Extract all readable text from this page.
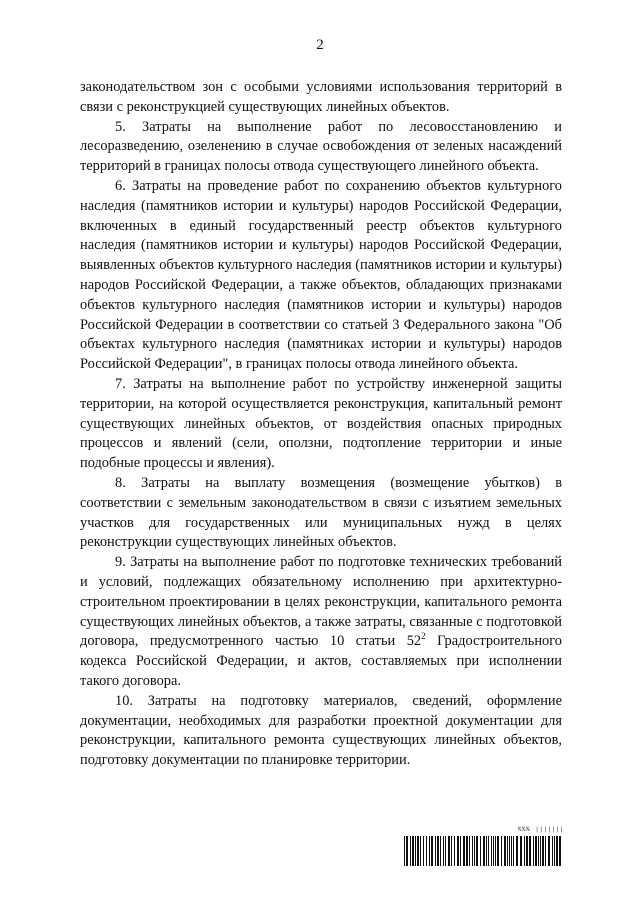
2

законодательством зон с особыми условиями использования территорий в связи с реконструкцией существующих линейных объектов.

5. Затраты на выполнение работ по лесовосстановлению и лесоразведению, озеленению в случае освобождения от зеленых насаждений территорий в границах полосы отвода существующего линейного объекта.

6. Затраты на проведение работ по сохранению объектов культурного наследия (памятников истории и культуры) народов Российской Федерации, включенных в единый государственный реестр объектов культурного наследия (памятников истории и культуры) народов Российской Федерации, выявленных объектов культурного наследия (памятников истории и культуры) народов Российской Федерации, а также объектов, обладающих признаками объектов культурного наследия (памятников истории и культуры) народов Российской Федерации в соответствии со статьей 3 Федерального закона "Об объектах культурного наследия (памятниках истории и культуры) народов Российской Федерации", в границах полосы отвода линейного объекта.

7. Затраты на выполнение работ по устройству инженерной защиты территории, на которой осуществляется реконструкция, капитальный ремонт существующих линейных объектов, от воздействия опасных природных процессов и явлений (сели, оползни, подтопление территории и иные подобные процессы и явления).

8. Затраты на выплату возмещения (возмещение убытков) в соответствии с земельным законодательством в связи с изъятием земельных участков для государственных или муниципальных нужд в целях реконструкции существующих линейных объектов.

9. Затраты на выполнение работ по подготовке технических требований и условий, подлежащих обязательному исполнению при архитектурно-строительном проектировании в целях реконструкции, капитального ремонта существующих линейных объектов, а также затраты, связанные с подготовкой договора, предусмотренного частью 10 статьи $52^2$ Градостроительного кодекса Российской Федерации, и актов, составляемых при исполнении такого договора.

10. Затраты на подготовку материалов, сведений, оформление документации, необходимых для разработки проектной документации для реконструкции, капитального ремонта существующих линейных объектов, подготовку документации по планировке территории.

%%%   |||||||
